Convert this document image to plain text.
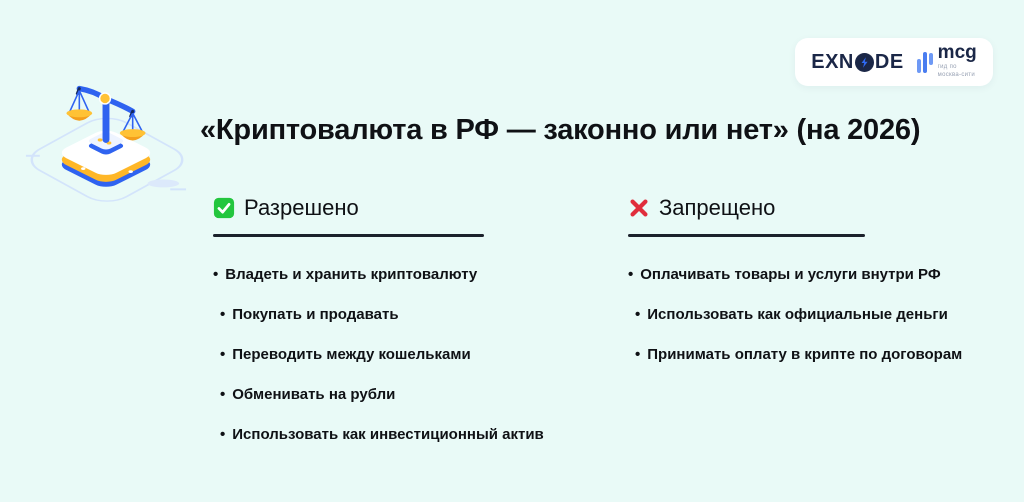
EXN DE mcg
гид по
москва-сити
«Криптовалюта в РФ — законно или нет» (на 2026)
Разрешено
• Владеть и хранить криптовалюту
• Покупать и продавать
• Переводить между кошельками
• Обменивать на рубли
• Использовать как инвестиционный актив
Запрещено
• Оплачивать товары и услуги внутри РФ
• Использовать как официальные деньги
• Принимать оплату в крипте по договорам
